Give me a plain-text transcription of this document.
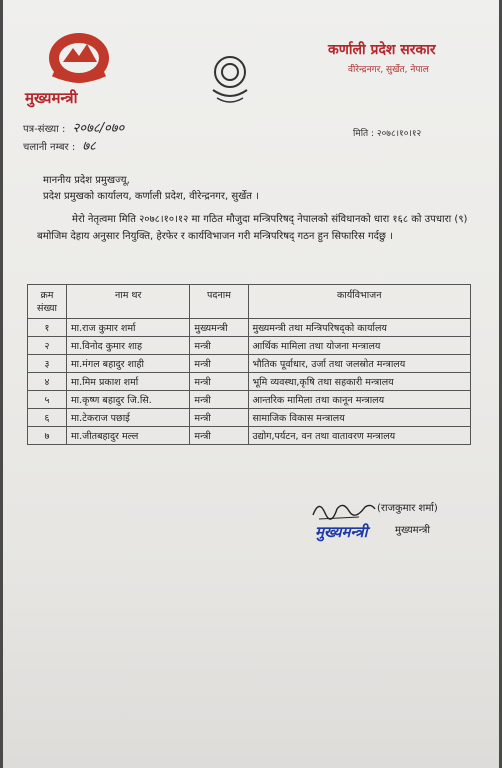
मुख्यमन्त्री
कर्णाली प्रदेश सरकार
वीरेन्द्रनगर, सुर्खेत, नेपाल
पत्र-संख्या : २०७८/०७०
चलानी नम्बर : ७८
मिति : २०७८।१०।१२
माननीय प्रदेश प्रमुखज्यू,
प्रदेश प्रमुखको कार्यालय, कर्णाली प्रदेश, वीरेन्द्रनगर, सुर्खेत ।
मेरो नेतृत्वमा मिति २०७८।१०।१२ मा गठित मौजुदा मन्त्रिपरिषद् नेपालको संविधानको धारा १६८ को उपधारा (९) बमोजिम देहाय अनुसार नियुक्ति, हेरफेर र कार्यविभाजन गरी मन्त्रिपरिषद् गठन हुन सिफारिस गर्दछु ।
क्रम संख्या	नाम थर	पदनाम	कार्यविभाजन
१	मा.राज कुमार शर्मा	मुख्यमन्त्री	मुख्यमन्त्री तथा मन्त्रिपरिषद्को कार्यालय
२	मा.विनोद कुमार शाह	मन्त्री	आर्थिक मामिला तथा योजना मन्त्रालय
३	मा.मंगल बहादुर शाही	मन्त्री	भौतिक पूर्वाधार, उर्जा तथा जलस्रोत मन्त्रालय
४	मा.मिम प्रकाश शर्मा	मन्त्री	भूमि व्यवस्था,कृषि तथा सहकारी मन्त्रालय
५	मा.कृष्ण बहादुर जि.सि.	मन्त्री	आन्तरिक मामिला तथा कानून मन्त्रालय
६	मा.टेकराज पछाई	मन्त्री	सामाजिक विकास मन्त्रालय
७	मा.जीतबहादुर मल्ल	मन्त्री	उद्योग,पर्यटन, वन तथा वातावरण मन्त्रालय
(राजकुमार शर्मा)
मुख्यमन्त्री	मुख्यमन्त्री
